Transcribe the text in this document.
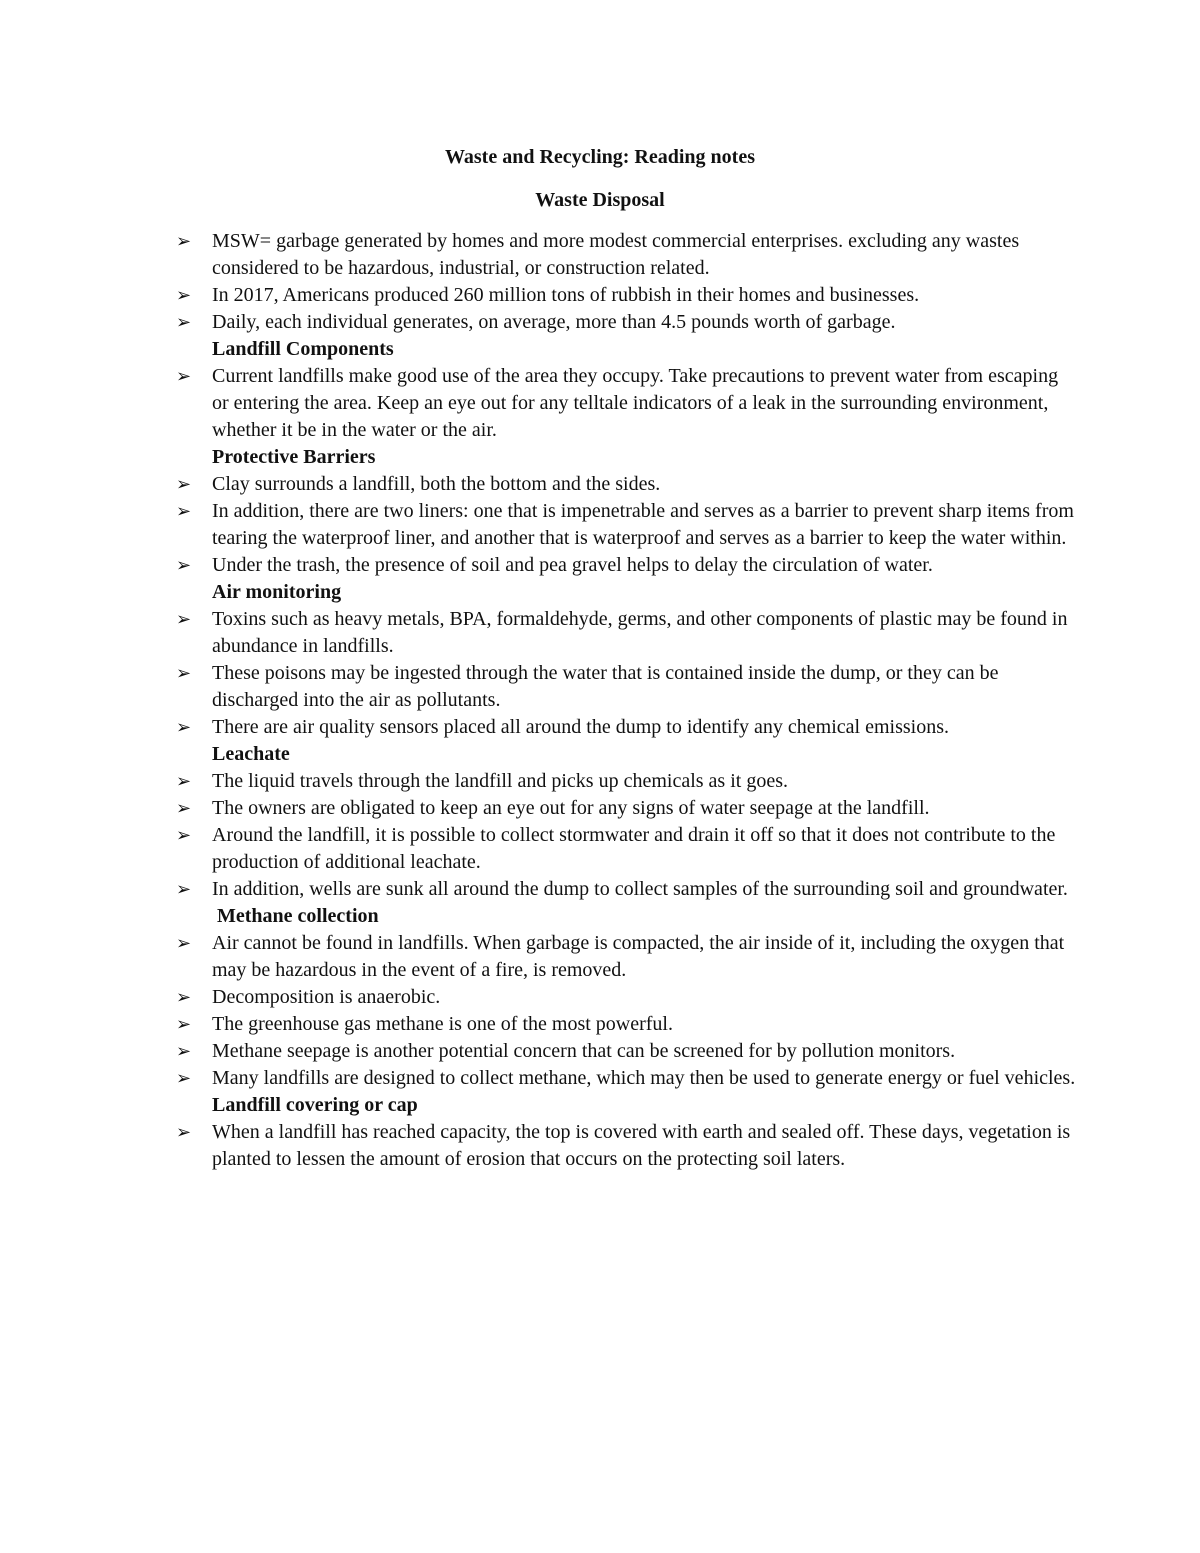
Waste and Recycling: Reading notes
Waste Disposal

➢ MSW= garbage generated by homes and more modest commercial enterprises. excluding any wastes considered to be hazardous, industrial, or construction related.

➢ In 2017, Americans produced 260 million tons of rubbish in their homes and businesses.

➢ Daily, each individual generates, on average, more than 4.5 pounds worth of garbage.

Landfill Components

➢ Current landfills make good use of the area they occupy. Take precautions to prevent water from escaping or entering the area. Keep an eye out for any telltale indicators of a leak in the surrounding environment, whether it be in the water or the air.

Protective Barriers

➢ Clay surrounds a landfill, both the bottom and the sides.

➢ In addition, there are two liners: one that is impenetrable and serves as a barrier to prevent sharp items from tearing the waterproof liner, and another that is waterproof and serves as a barrier to keep the water within.

➢ Under the trash, the presence of soil and pea gravel helps to delay the circulation of water.

Air monitoring

➢ Toxins such as heavy metals, BPA, formaldehyde, germs, and other components of plastic may be found in abundance in landfills.

➢ These poisons may be ingested through the water that is contained inside the dump, or they can be discharged into the air as pollutants.

➢ There are air quality sensors placed all around the dump to identify any chemical emissions.

Leachate

➢ The liquid travels through the landfill and picks up chemicals as it goes.

➢ The owners are obligated to keep an eye out for any signs of water seepage at the landfill.

➢ Around the landfill, it is possible to collect stormwater and drain it off so that it does not contribute to the production of additional leachate.

➢ In addition, wells are sunk all around the dump to collect samples of the surrounding soil and groundwater.

Methane collection

➢ Air cannot be found in landfills. When garbage is compacted, the air inside of it, including the oxygen that may be hazardous in the event of a fire, is removed.

➢ Decomposition is anaerobic.

➢ The greenhouse gas methane is one of the most powerful.

➢ Methane seepage is another potential concern that can be screened for by pollution monitors.

➢ Many landfills are designed to collect methane, which may then be used to generate energy or fuel vehicles.

Landfill covering or cap

➢ When a landfill has reached capacity, the top is covered with earth and sealed off. These days, vegetation is planted to lessen the amount of erosion that occurs on the protecting soil laters.
